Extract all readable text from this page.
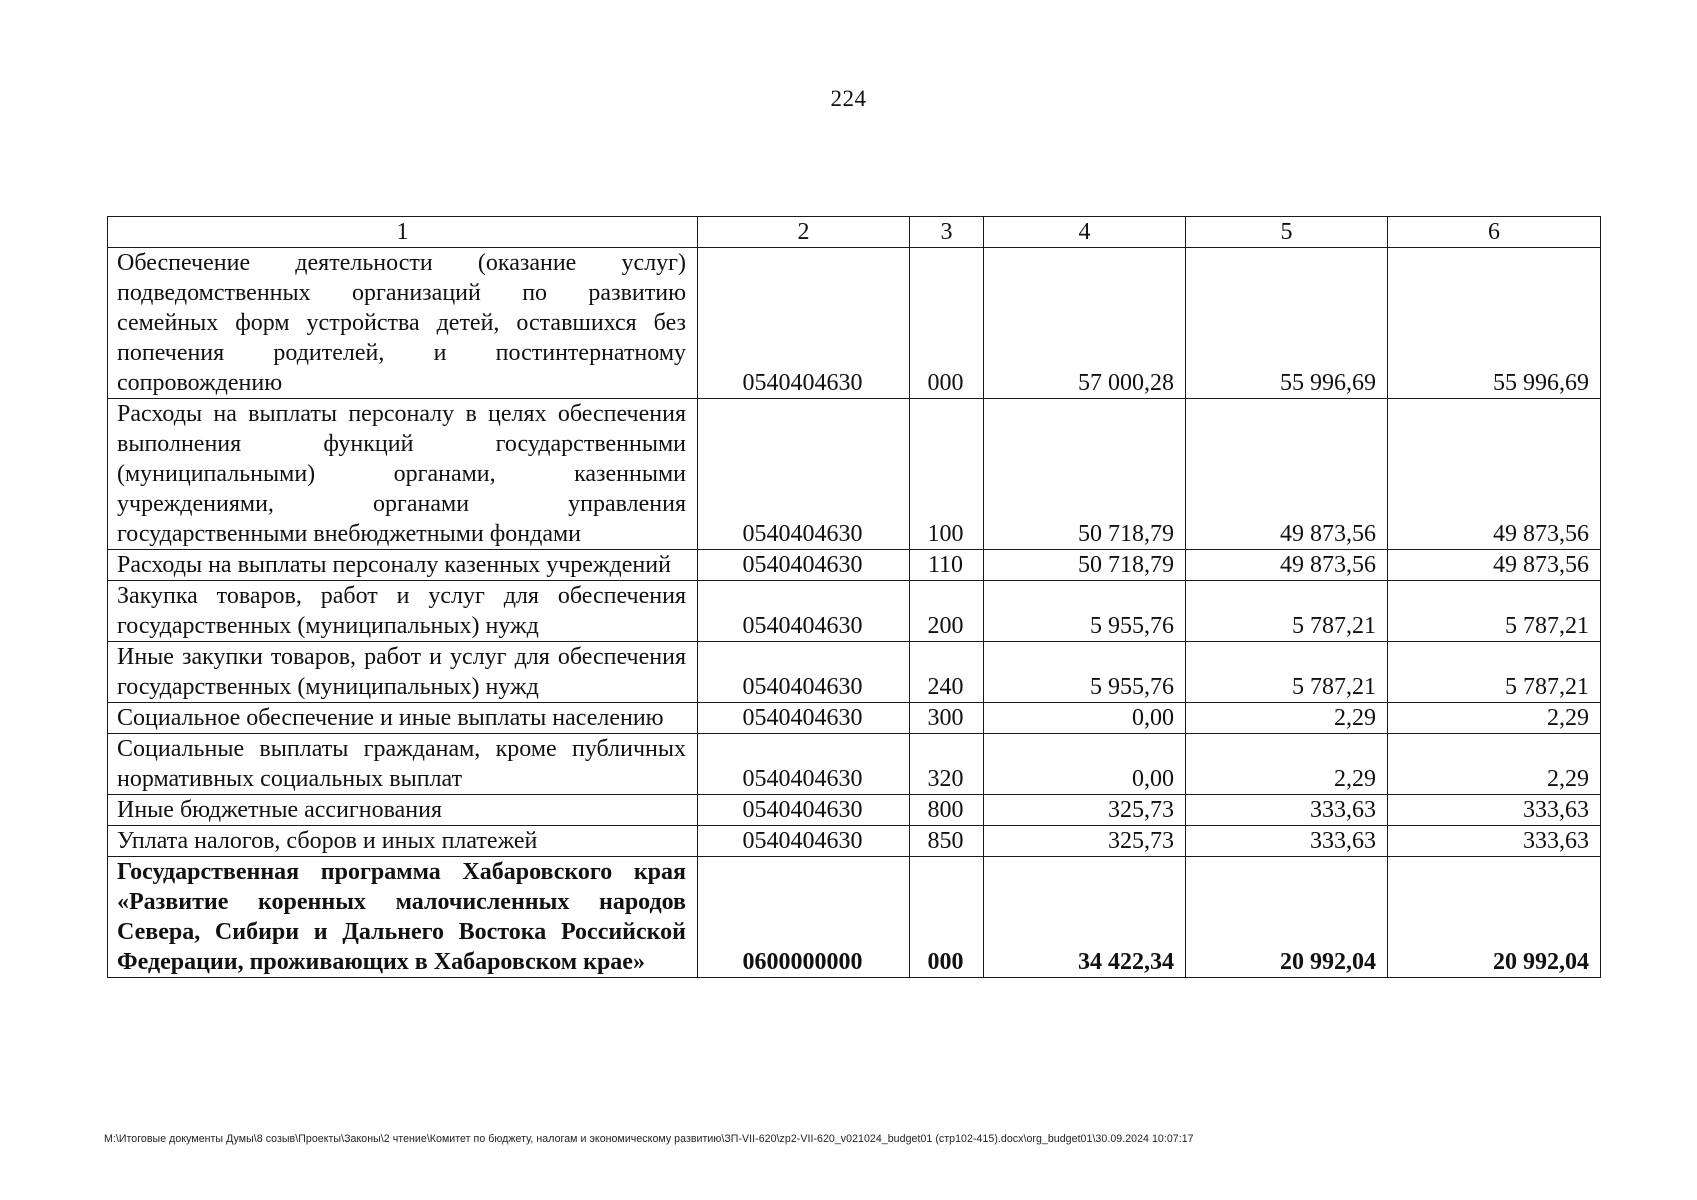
224
1	2	3	4	5	6
Обеспечение деятельности (оказание услуг) подведомственных организаций по развитию семейных форм устройства детей, оставшихся без попечения родителей, и постинтернатному сопровождению	0540404630	000	57 000,28	55 996,69	55 996,69
Расходы на выплаты персоналу в целях обеспечения выполнения функций государственными (муниципальными) органами, казенными учреждениями, органами управления государственными внебюджетными фондами	0540404630	100	50 718,79	49 873,56	49 873,56
Расходы на выплаты персоналу казенных учреждений	0540404630	110	50 718,79	49 873,56	49 873,56
Закупка товаров, работ и услуг для обеспечения государственных (муниципальных) нужд	0540404630	200	5 955,76	5 787,21	5 787,21
Иные закупки товаров, работ и услуг для обеспечения государственных (муниципальных) нужд	0540404630	240	5 955,76	5 787,21	5 787,21
Социальное обеспечение и иные выплаты населению	0540404630	300	0,00	2,29	2,29
Социальные выплаты гражданам, кроме публичных нормативных социальных выплат	0540404630	320	0,00	2,29	2,29
Иные бюджетные ассигнования	0540404630	800	325,73	333,63	333,63
Уплата налогов, сборов и иных платежей	0540404630	850	325,73	333,63	333,63
Государственная программа Хабаровского края «Развитие коренных малочисленных народов Севера, Сибири и Дальнего Востока Российской Федерации, проживающих в Хабаровском крае»	0600000000	000	34 422,34	20 992,04	20 992,04
M:\Итоговые документы Думы\8 созыв\Проекты\Законы\2 чтение\Комитет по бюджету, налогам и экономическому развитию\ЗП-VII-620\zp2-VII-620_v021024_budget01 (стр102-415).docx\org_budget01\30.09.2024 10:07:17
